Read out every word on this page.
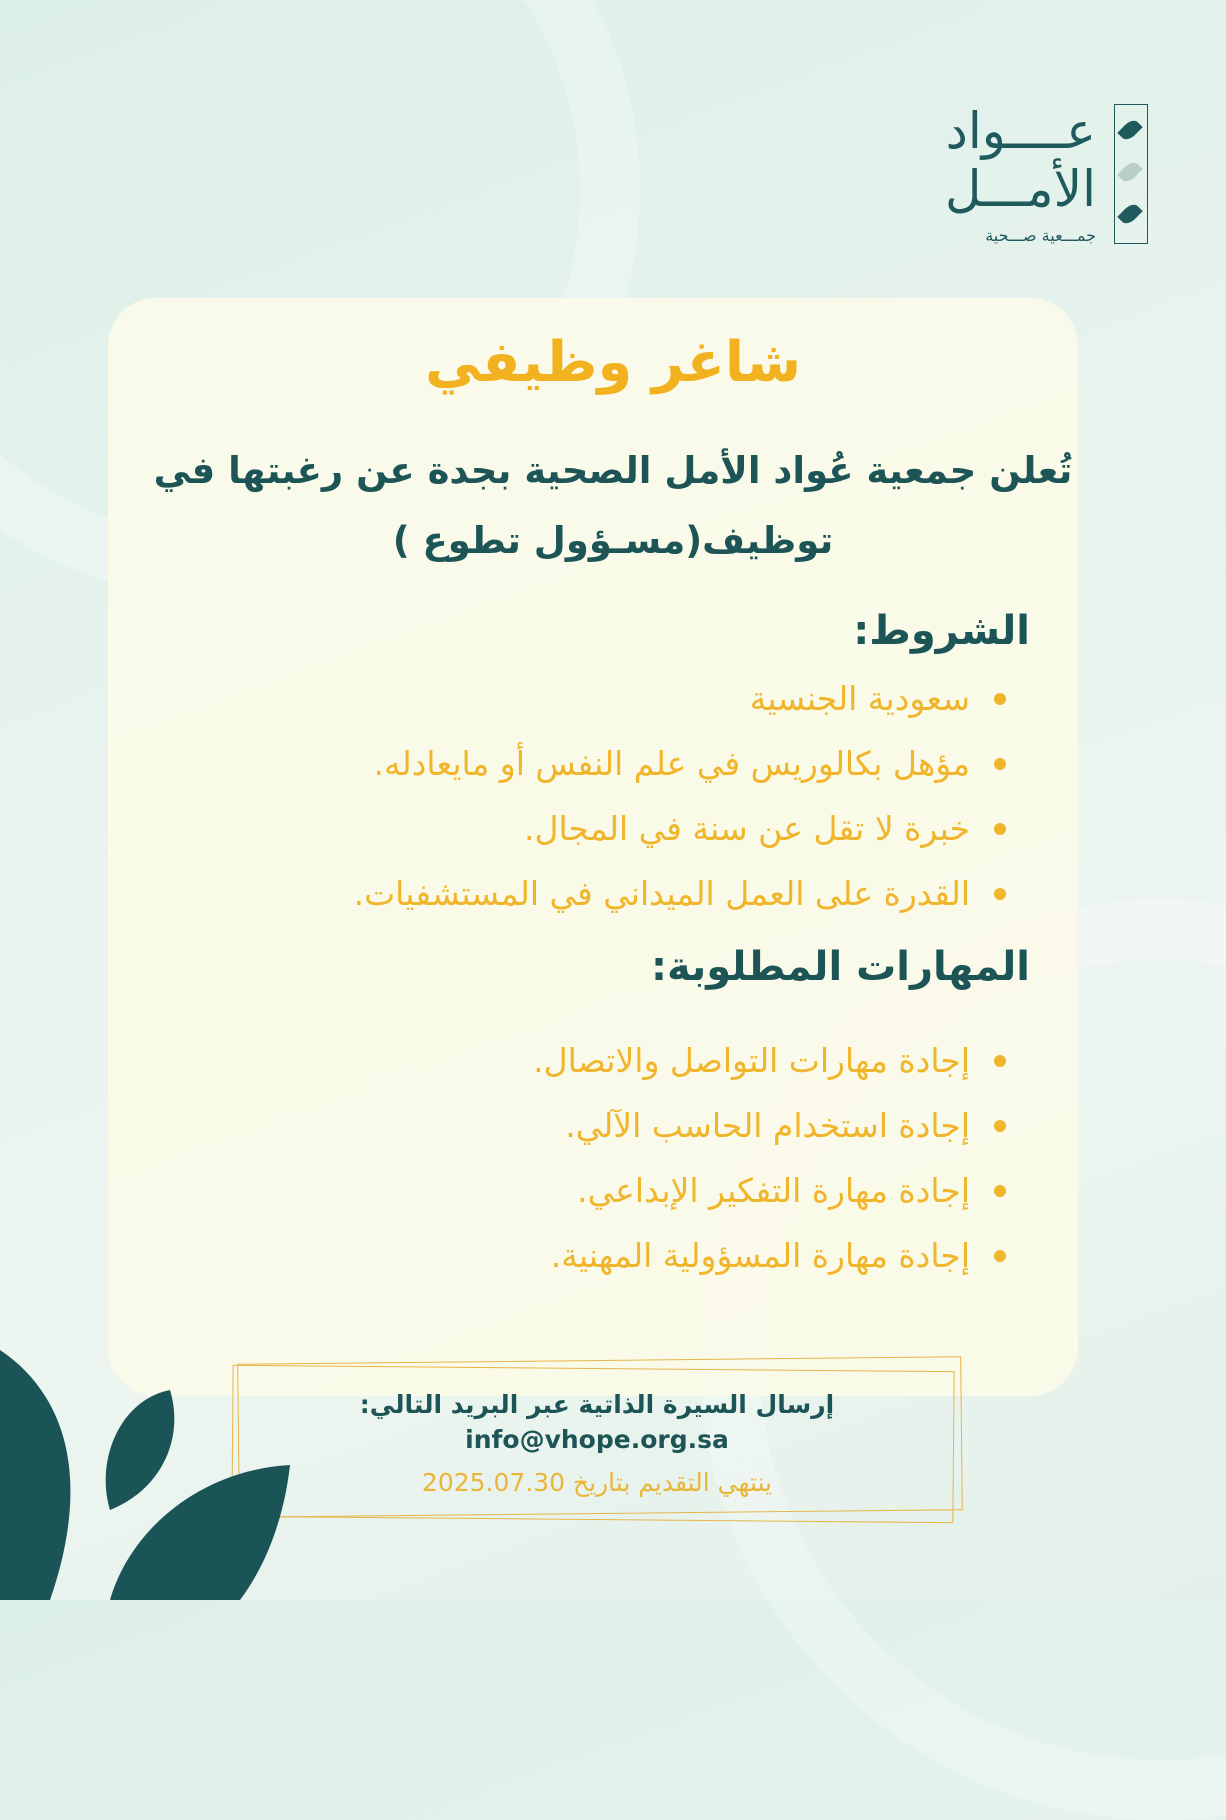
عــــواد
الأمـــل
جمـــعية صـــحية
شاغر وظيفي
تُعلن جمعية عُواد الأمل الصحية بجدة عن رغبتها في توظيف(مسـؤول تطوع )
الشروط:
سعودية الجنسية
مؤهل بكالوريس في علم النفس أو مايعادله.
خبرة لا تقل عن سنة في المجال.
القدرة على العمل الميداني في المستشفيات.
المهارات المطلوبة:
إجادة مهارات التواصل والاتصال.
إجادة استخدام الحاسب الآلي.
إجادة مهارة التفكير الإبداعي.
إجادة مهارة المسؤولية المهنية.
إرسال السيرة الذاتية عبر البريد التالي:
info@vhope.org.sa
ينتهي التقديم بتاريخ 2025.07.30
